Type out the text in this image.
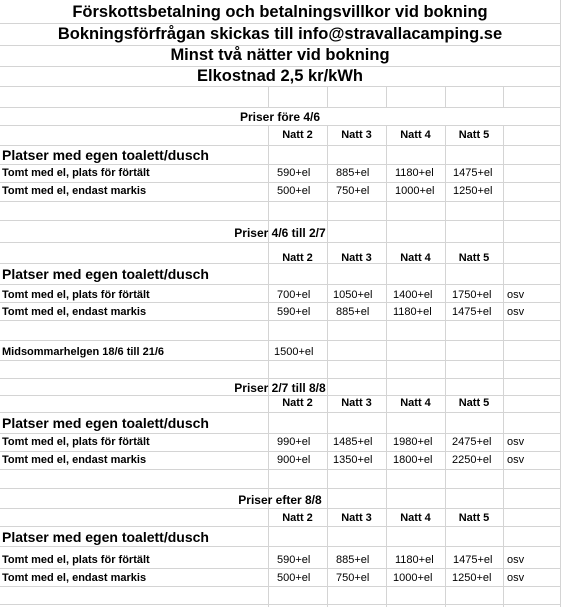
Förskottsbetalning och betalningsvillkor vid bokning
Bokningsförfrågan skickas till info@stravallacamping.se
Minst två nätter vid bokning
Elkostnad 2,5 kr/kWh
Priser före 4/6
Natt 2	Natt 3	Natt 4	Natt 5
Platser med egen toalett/dusch
Tomt med el, plats för förtält	590+el 885+el 1180+el 1475+el
Tomt med el, endast markis	500+el 750+el 1000+el 1250+el
Priser 4/6 till 2/7
Natt 2	Natt 3	Natt 4	Natt 5
Platser med egen toalett/dusch
Tomt med el, plats för förtält	700+el 1050+el 1400+el 1750+el osv
Tomt med el, endast markis	590+el 885+el 1180+el 1475+el osv
Midsommarhelgen 18/6 till 21/6	1500+el
Priser 2/7 till 8/8
Natt 2	Natt 3	Natt 4	Natt 5
Platser med egen toalett/dusch
Tomt med el, plats för förtält	990+el 1485+el 1980+el 2475+el osv
Tomt med el, endast markis	900+el 1350+el 1800+el 2250+el osv
Priser efter 8/8
Natt 2	Natt 3	Natt 4	Natt 5
Platser med egen toalett/dusch
Tomt med el, plats för förtält	590+el 885+el 1180+el 1475+el osv
Tomt med el, endast markis	500+el 750+el 1000+el 1250+el osv
